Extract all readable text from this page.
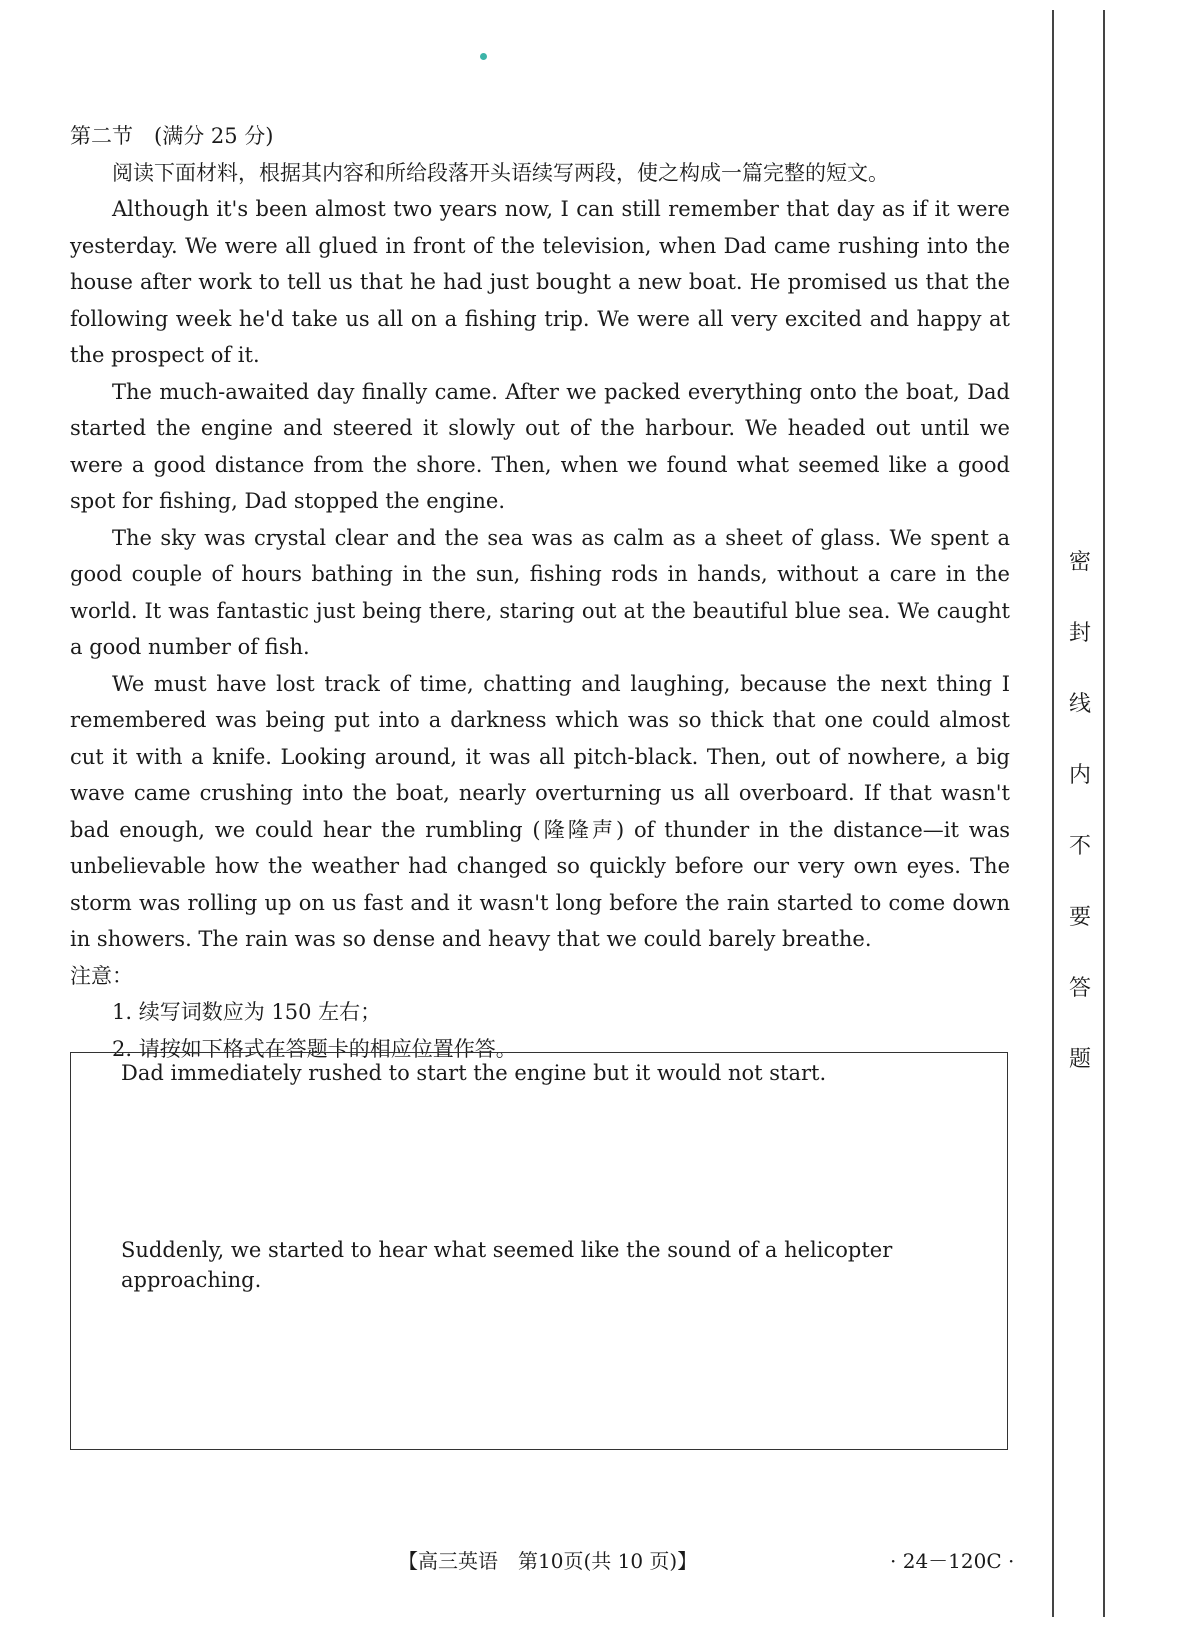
第二节　(满分 25 分)

阅读下面材料，根据其内容和所给段落开头语续写两段，使之构成一篇完整的短文。

Although it's been almost two years now, I can still remember that day as if it were yesterday. We were all glued in front of the television, when Dad came rushing into the house after work to tell us that he had just bought a new boat. He promised us that the following week he'd take us all on a fishing trip. We were all very excited and happy at the prospect of it.

The much-awaited day finally came. After we packed everything onto the boat, Dad started the engine and steered it slowly out of the harbour. We headed out until we were a good distance from the shore. Then, when we found what seemed like a good spot for fishing, Dad stopped the engine.

The sky was crystal clear and the sea was as calm as a sheet of glass. We spent a good couple of hours bathing in the sun, fishing rods in hands, without a care in the world. It was fantastic just being there, staring out at the beautiful blue sea. We caught a good number of fish.

We must have lost track of time, chatting and laughing, because the next thing I remembered was being put into a darkness which was so thick that one could almost cut it with a knife. Looking around, it was all pitch-black. Then, out of nowhere, a big wave came crushing into the boat, nearly overturning us all overboard. If that wasn't bad enough, we could hear the rumbling (隆隆声) of thunder in the distance—it was unbelievable how the weather had changed so quickly before our very own eyes. The storm was rolling up on us fast and it wasn't long before the rain started to come down in showers. The rain was so dense and heavy that we could barely breathe.

注意：

1. 续写词数应为 150 左右；

2. 请按如下格式在答题卡的相应位置作答。

Dad immediately rushed to start the engine but it would not start.
Suddenly, we started to hear what seemed like the sound of a helicopter approaching.
【高三英语　第10页(共 10 页)】	· 24－120C ·
密
封
线
内
不
要
答
题
